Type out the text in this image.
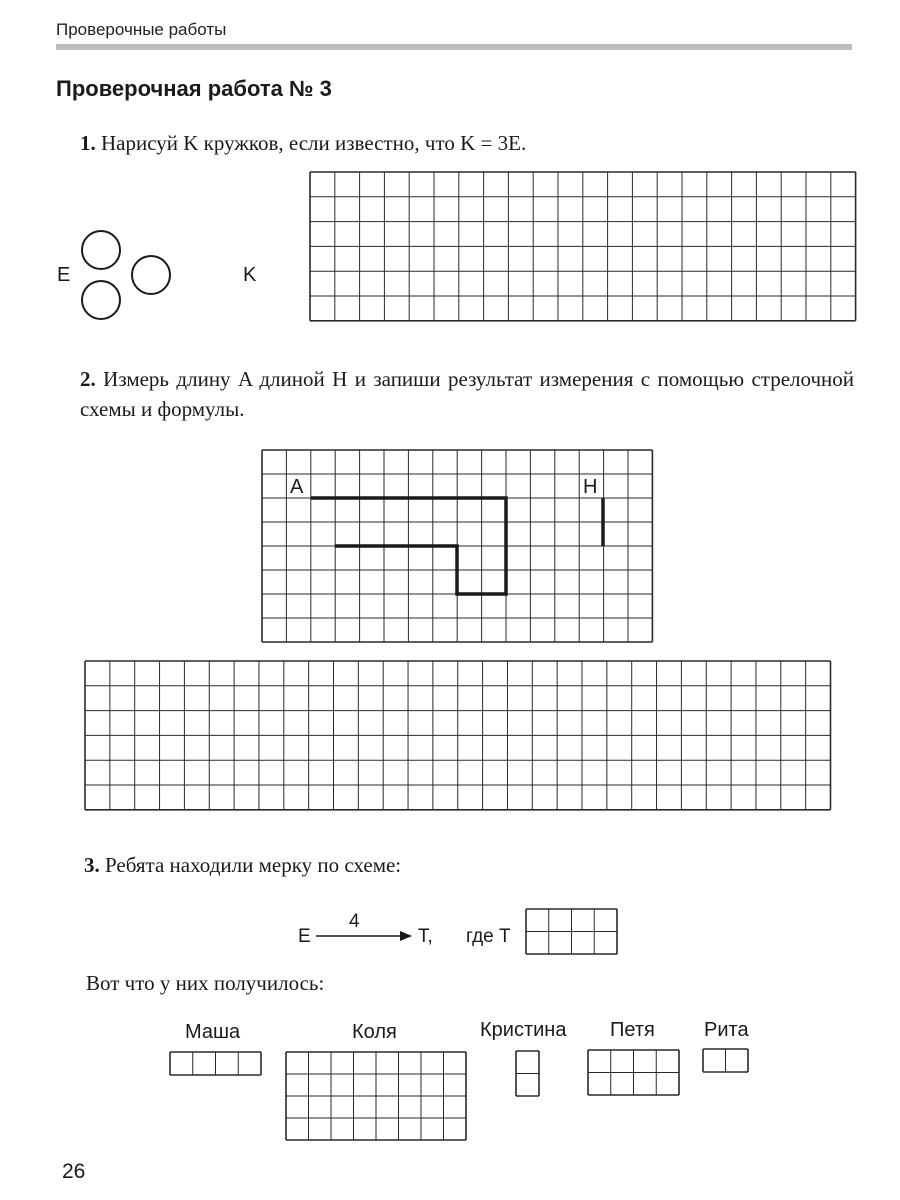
Проверочные работы
Проверочная работа № 3
1. Нарисуй K кружков, если известно, что K = 3E.
E	K
2. Измерь длину A длиной H и запиши результат измерения с помощью стрелочной схемы и формулы.
A	H
3. Ребята находили мерку по схеме:
E
4
T, где T
Вот что у них получилось:
Маша	Коля	Кристина Петя Рита
26
